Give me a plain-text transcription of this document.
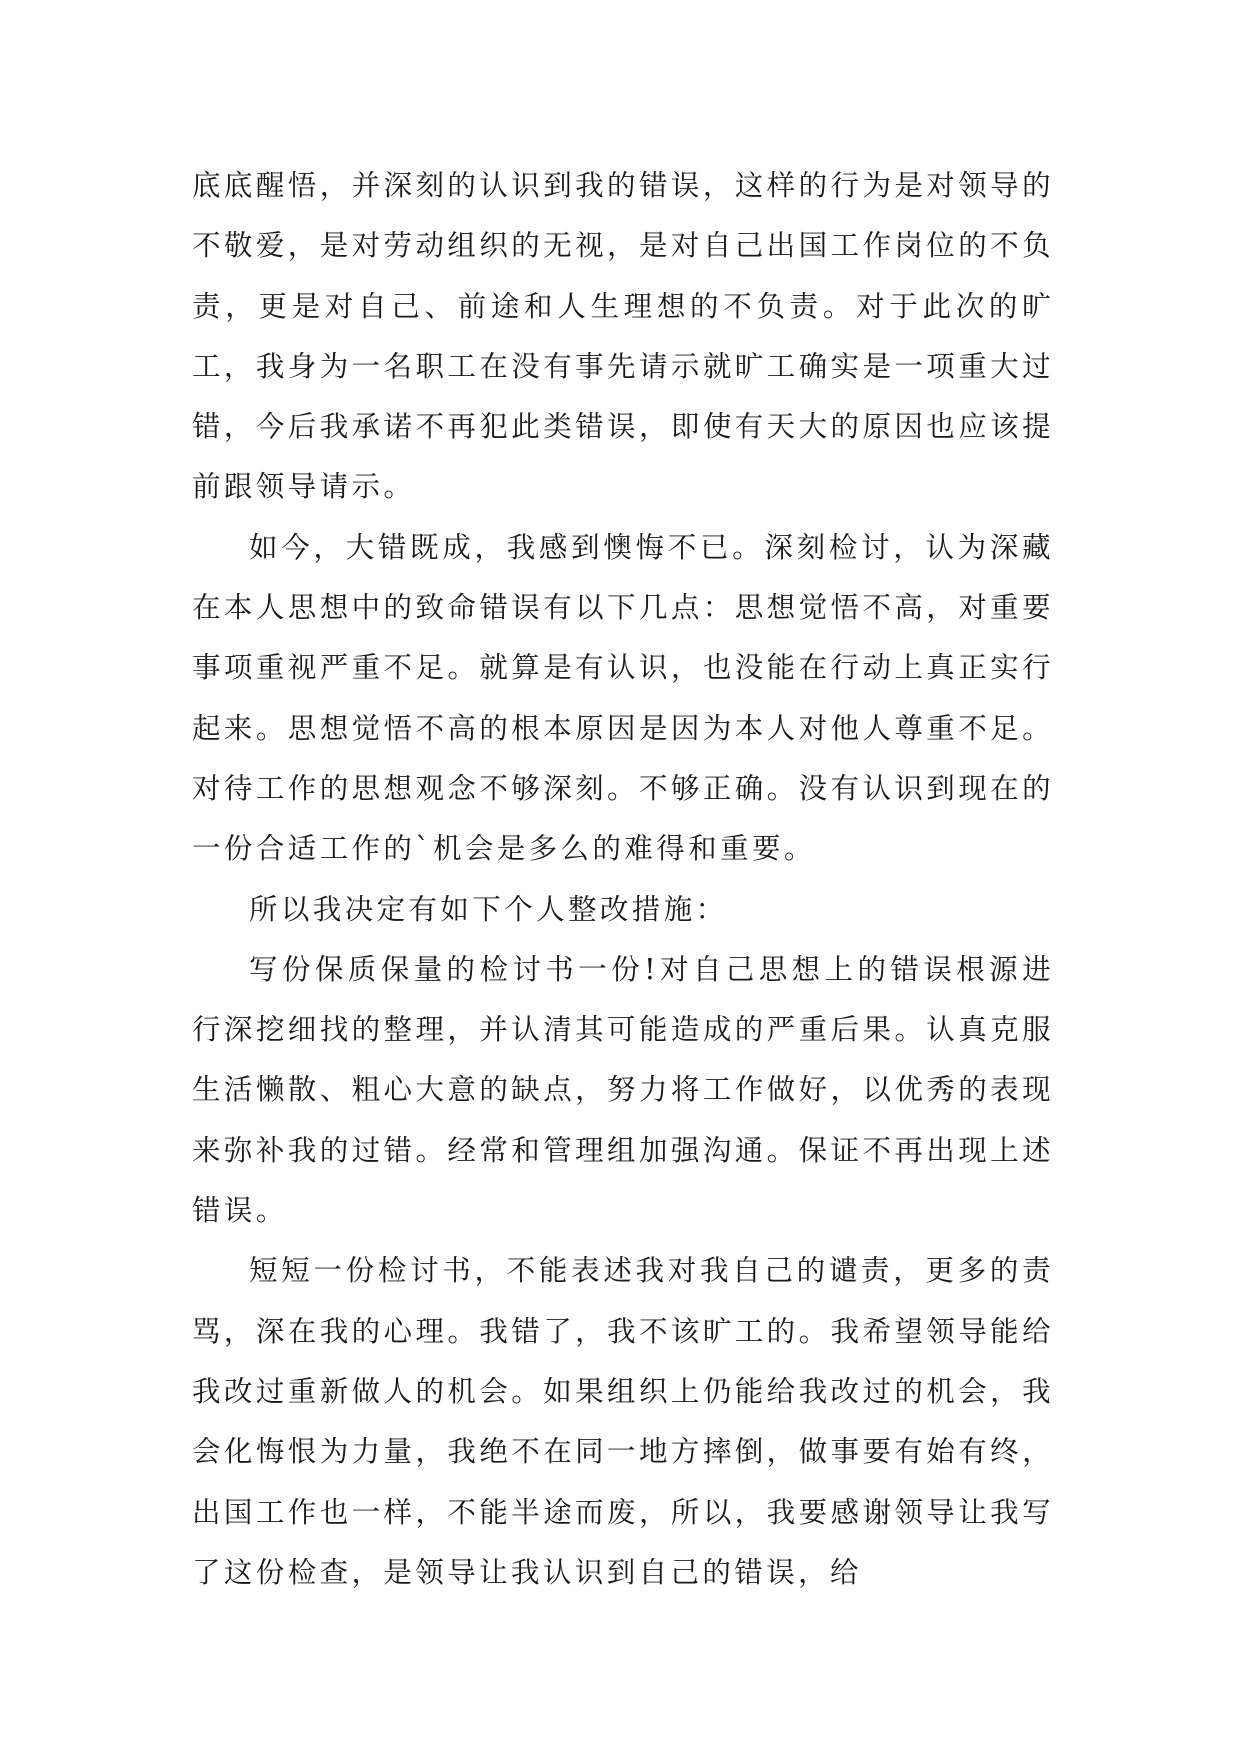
底底醒悟，并深刻的认识到我的错误，这样的行为是对领导的不敬爱，是对劳动组织的无视，是对自己出国工作岗位的不负责，更是对自己、前途和人生理想的不负责。对于此次的旷工，我身为一名职工在没有事先请示就旷工确实是一项重大过错，今后我承诺不再犯此类错误，即使有天大的原因也应该提前跟领导请示。

如今，大错既成，我感到懊悔不已。深刻检讨，认为深藏在本人思想中的致命错误有以下几点：思想觉悟不高，对重要事项重视严重不足。就算是有认识，也没能在行动上真正实行起来。思想觉悟不高的根本原因是因为本人对他人尊重不足。对待工作的思想观念不够深刻。不够正确。没有认识到现在的一份合适工作的`机会是多么的难得和重要。

所以我决定有如下个人整改措施：

写份保质保量的检讨书一份!对自己思想上的错误根源进行深挖细找的整理，并认清其可能造成的严重后果。认真克服生活懒散、粗心大意的缺点，努力将工作做好，以优秀的表现来弥补我的过错。经常和管理组加强沟通。保证不再出现上述错误。

短短一份检讨书，不能表述我对我自己的谴责，更多的责骂，深在我的心理。我错了，我不该旷工的。我希望领导能给我改过重新做人的机会。如果组织上仍能给我改过的机会，我会化悔恨为力量，我绝不在同一地方摔倒，做事要有始有终，出国工作也一样，不能半途而废，所以，我要感谢领导让我写了这份检查，是领导让我认识到自己的错误，给
